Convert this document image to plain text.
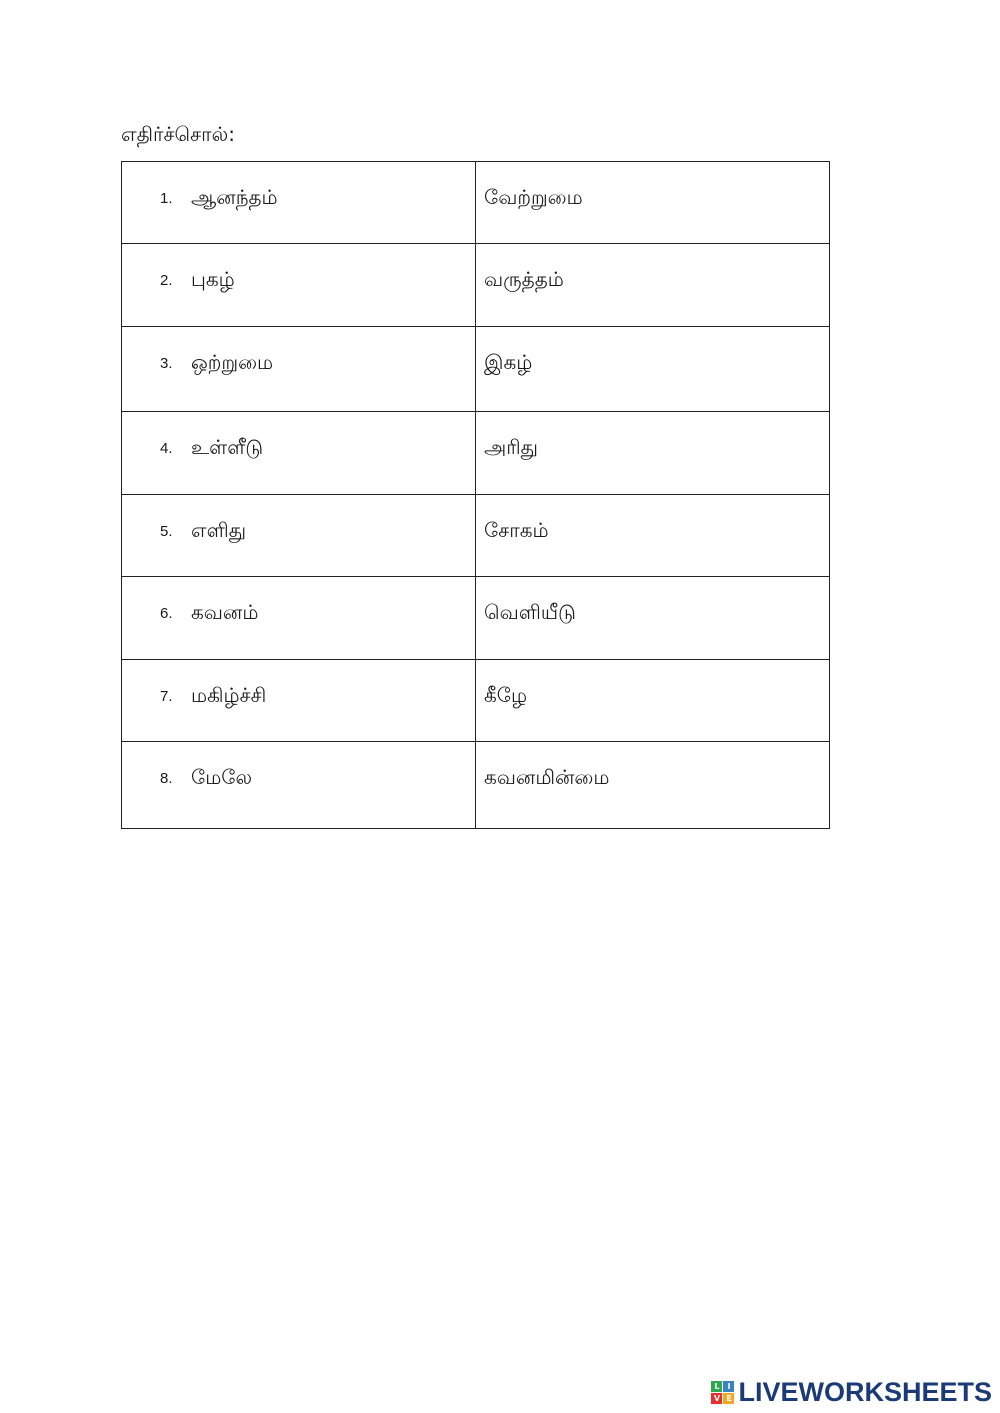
எதிர்ச்சொல்:
1. ஆனந்தம்	வேற்றுமை

2. புகழ்	வருத்தம்

3. ஒற்றுமை	இகழ்

4. உள்ளீடு	அரிது

5. எளிது	சோகம்

6. கவனம்	வெளியீடு

7. மகிழ்ச்சி	கீழே

8. மேலே	கவனமின்மை
L I
V E LIVEWORKSHEETS
